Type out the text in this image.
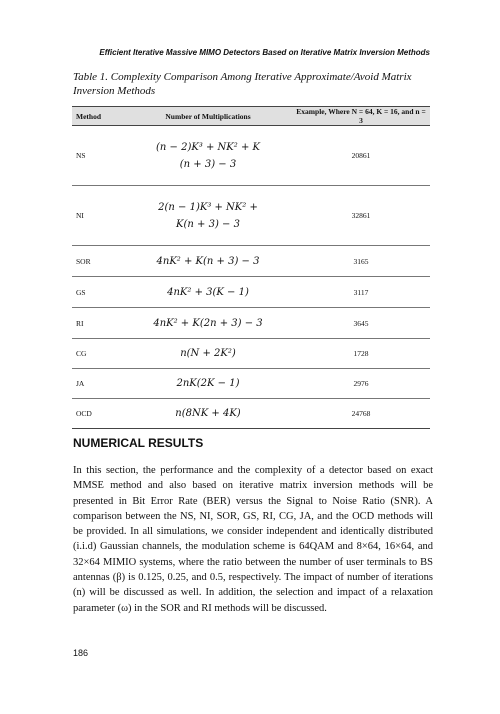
Efficient Iterative Massive MIMO Detectors Based on Iterative Matrix Inversion Methods
Table 1. Complexity Comparison Among Iterative Approximate/Avoid Matrix Inversion Methods
Method	Number of Multiplications	Example, Where N = 64, K = 16, and n = 3
NS	(n − 2)K³ + NK² + K
(n + 3) − 3	20861
NI	2(n − 1)K³ + NK² +
K(n + 3) − 3	32861
SOR	4nK² + K(n + 3) − 3	3165
GS	4nK² + 3(K − 1)	3117
RI	4nK² + K(2n + 3) − 3	3645
CG	n(N + 2K²)	1728
JA	2nK(2K − 1)	2976
OCD	n(8NK + 4K)	24768
NUMERICAL RESULTS

In this section, the performance and the complexity of a detector based on exact MMSE method and also based on iterative matrix inversion methods will be presented in Bit Error Rate (BER) versus the Signal to Noise Ratio (SNR). A comparison between the NS, NI, SOR, GS, RI, CG, JA, and the OCD methods will be provided. In all simulations, we consider independent and identically distributed (i.i.d) Gaussian channels, the modulation scheme is 64QAM and 8×64, 16×64, and 32×64 MIMIO systems, where the ratio between the number of user terminals to BS antennas (β) is 0.125, 0.25, and 0.5, respectively. The impact of number of iterations (n) will be discussed as well. In addition, the selection and impact of a relaxation parameter (ω) in the SOR and RI methods will be discussed.

186
